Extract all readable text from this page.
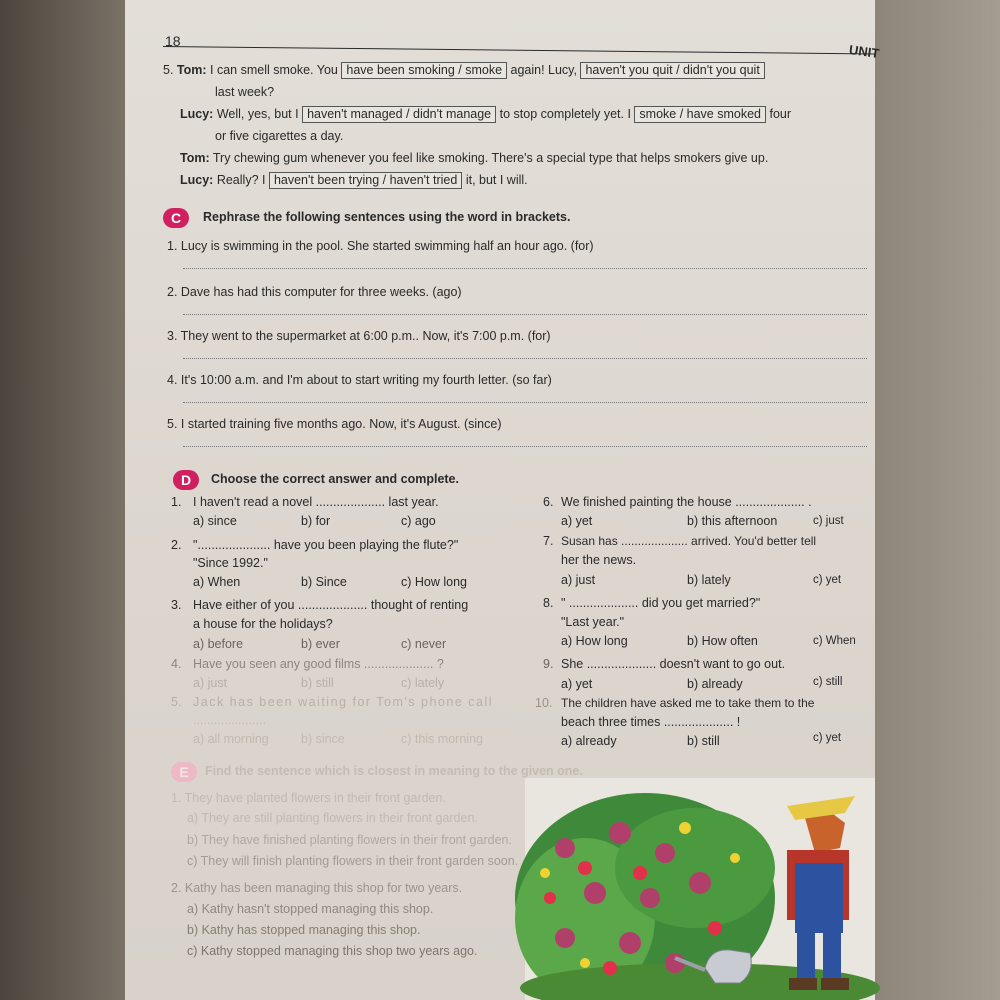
18
UNIT
5. Tom: I can smell smoke. You have been smoking / smoke again! Lucy, haven't you quit / didn't you quit
last week?
Lucy: Well, yes, but I haven't managed / didn't manage to stop completely yet. I smoke / have smoked four
or five cigarettes a day.
Tom: Try chewing gum whenever you feel like smoking. There's a special type that helps smokers give up.
Lucy: Really? I haven't been trying / haven't tried it, but I will.
C	Rephrase the following sentences using the word in brackets.
1. Lucy is swimming in the pool. She started swimming half an hour ago. (for)
2. Dave has had this computer for three weeks. (ago)
3. They went to the supermarket at 6:00 p.m.. Now, it's 7:00 p.m. (for)
4. It's 10:00 a.m. and I'm about to start writing my fourth letter. (so far)
5. I started training five months ago. Now, it's August. (since)
D	Choose the correct answer and complete.
1. I haven't read a novel .................... last year.
a) since	b) for	c) ago
2. "..................... have you been playing the flute?"
"Since 1992."
a) When	b) Since	c) How long
3. Have either of you .................... thought of renting
a house for the holidays?
a) before	b) ever	c) never
4. Have you seen any good films .................... ?
a) just	b) still	c) lately
5. Jack has been waiting for Tom's phone call
.....................
a) all morning	b) since	c) this morning
6. We finished painting the house .................... .
a) yet	b) this afternoon	c) just
7. Susan has .................... arrived. You'd better tell
her the news.
a) just	b) lately	c) yet
8. " .................... did you get married?"
"Last year."
a) How long	b) How often	c) When
9. She .................... doesn't want to go out.
a) yet	b) already	c) still
10. The children have asked me to take them to the
beach three times .................... !
a) already	b) still	c) yet
E	Find the sentence which is closest in meaning to the given one.
1. They have planted flowers in their front garden.
a) They are still planting flowers in their front garden.
b) They have finished planting flowers in their front garden.
c) They will finish planting flowers in their front garden soon.
2. Kathy has been managing this shop for two years.
a) Kathy hasn't stopped managing this shop.
b) Kathy has stopped managing this shop.
c) Kathy stopped managing this shop two years ago.
